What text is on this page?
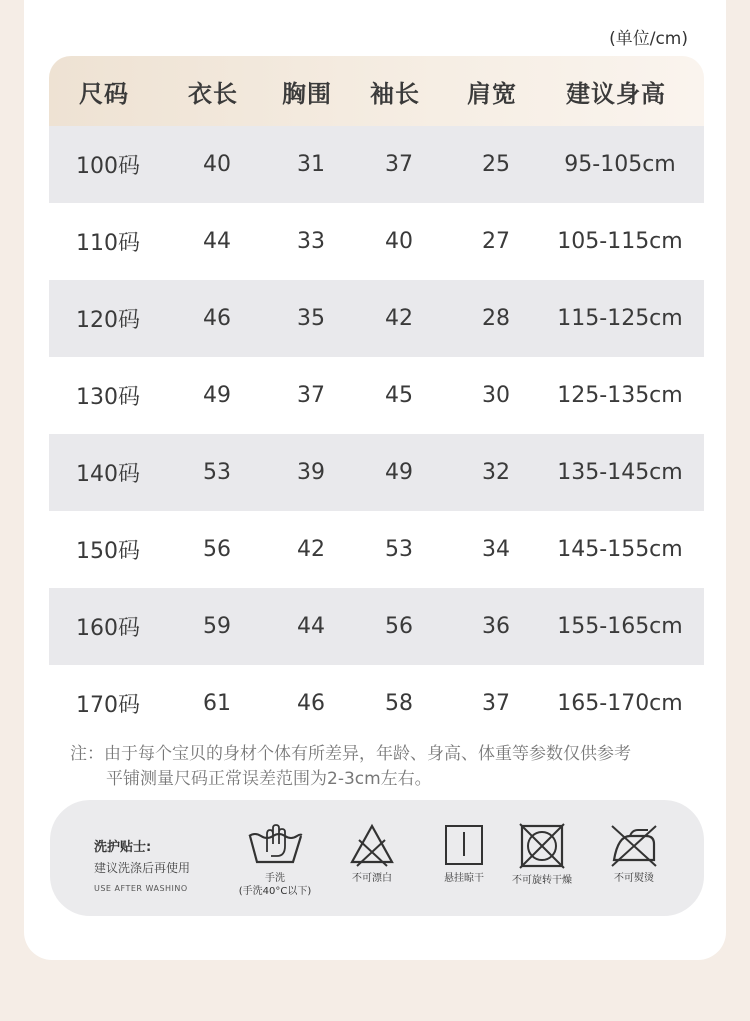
(单位/cm)
尺码	衣长	胸围	袖长	肩宽	建议身高
100码	40	31	37	25	95-105cm
110码	44	33	40	27	105-115cm
120码	46	35	42	28	115-125cm
130码	49	37	45	30	125-135cm
140码	53	39	49	32	135-145cm
150码	56	42	53	34	145-155cm
160码	59	44	56	36	155-165cm
170码	61	46	58	37	165-170cm
注：由于每个宝贝的身材个体有所差异，年龄、身高、体重等参数仅供参考
平铺测量尺码正常误差范围为2-3cm左右。
洗护贴士:
建议洗涤后再使用
USE AFTER WASHINO
手洗
(手洗40°C以下)
不可漂白	悬挂晾干	不可旋转干燥	不可熨烫
